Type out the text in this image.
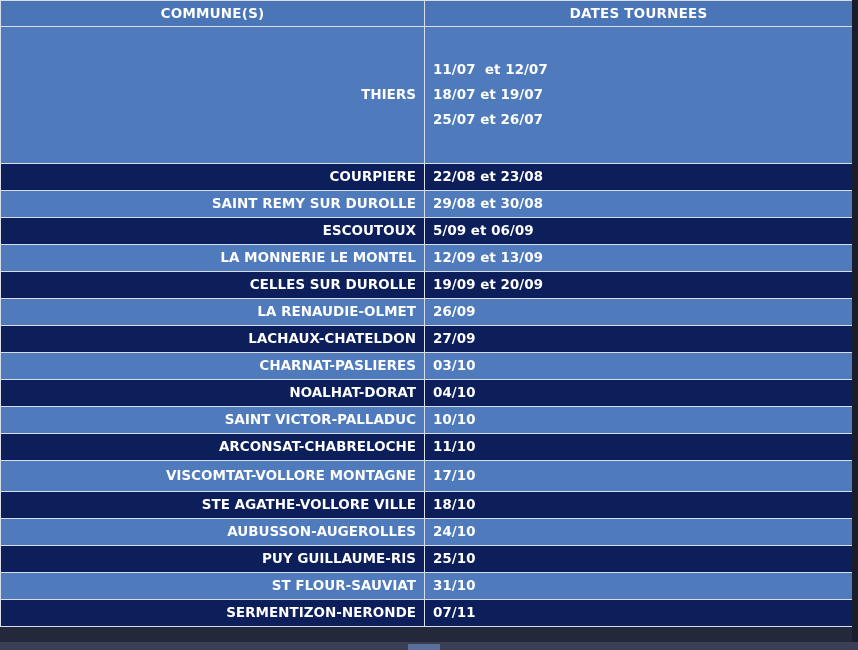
COMMUNE(S)	DATES TOURNEES
THIERS	11/07  et 12/07
18/07 et 19/07
25/07 et 26/07

COURPIERE	22/08 et 23/08
SAINT REMY SUR DUROLLE	29/08 et 30/08
ESCOUTOUX	5/09 et 06/09
LA MONNERIE LE MONTEL	12/09 et 13/09
CELLES SUR DUROLLE	19/09 et 20/09
LA RENAUDIE-OLMET	26/09
LACHAUX-CHATELDON	27/09
CHARNAT-PASLIERES	03/10
NOALHAT-DORAT	04/10
SAINT VICTOR-PALLADUC	10/10
ARCONSAT-CHABRELOCHE	11/10
VISCOMTAT-VOLLORE MONTAGNE	17/10
STE AGATHE-VOLLORE VILLE	18/10
AUBUSSON-AUGEROLLES	24/10
PUY GUILLAUME-RIS	25/10
ST FLOUR-SAUVIAT	31/10
SERMENTIZON-NERONDE	07/11
